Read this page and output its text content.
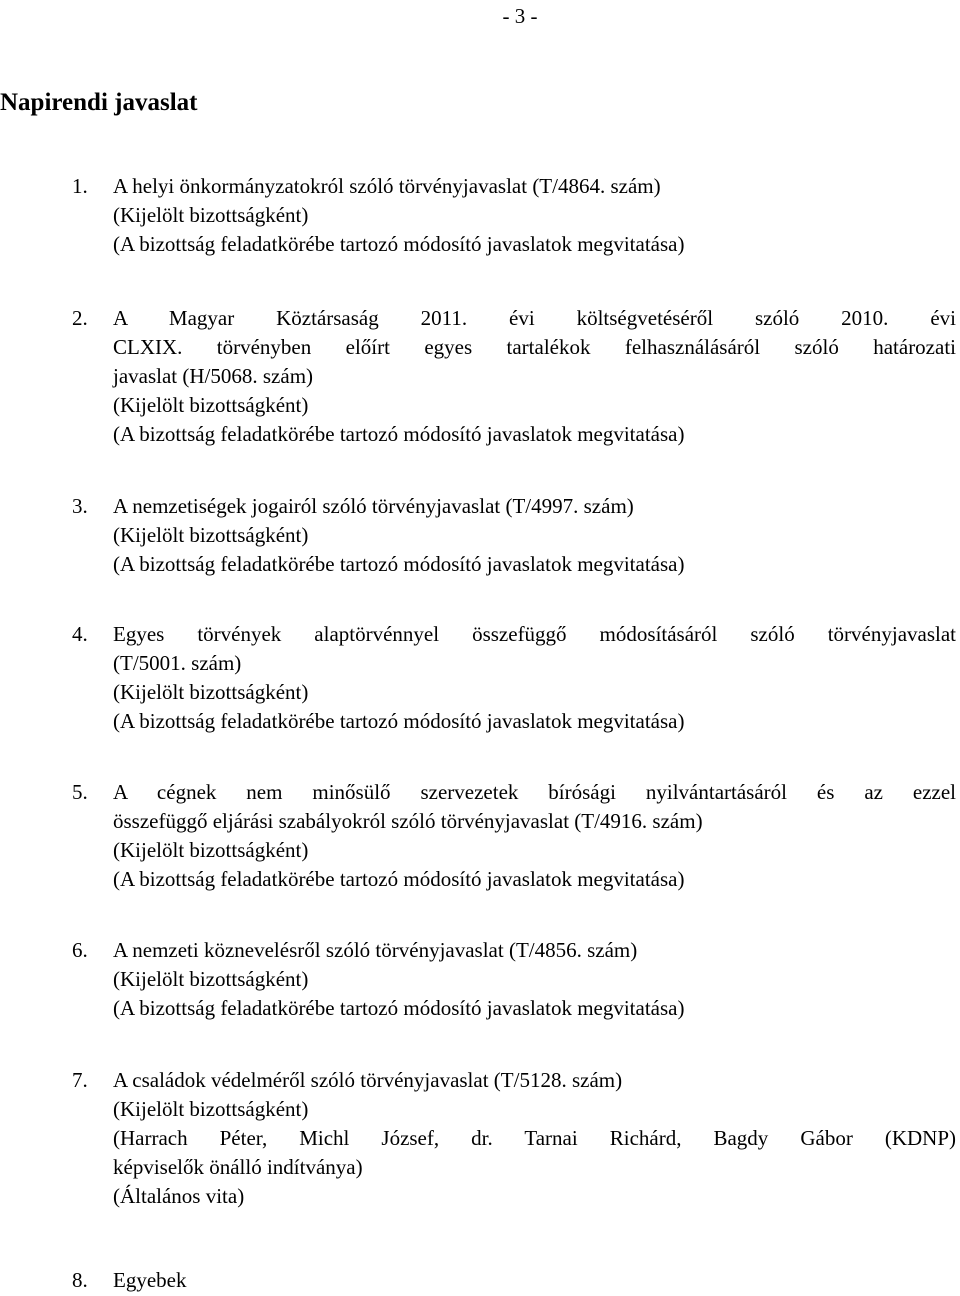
- 3 -
Napirendi javaslat
1.	A helyi önkormányzatokról szóló törvényjavaslat (T/4864. szám)
(Kijelölt bizottságként)
(A bizottság feladatkörébe tartozó módosító javaslatok megvitatása)
2.	A Magyar Köztársaság 2011. évi költségvetéséről szóló 2010. évi
CLXIX. törvényben előírt egyes tartalékok felhasználásáról szóló határozati
javaslat (H/5068. szám)
(Kijelölt bizottságként)
(A bizottság feladatkörébe tartozó módosító javaslatok megvitatása)
3.	A nemzetiségek jogairól szóló törvényjavaslat (T/4997. szám)
(Kijelölt bizottságként)
(A bizottság feladatkörébe tartozó módosító javaslatok megvitatása)
4.	Egyes törvények alaptörvénnyel összefüggő módosításáról szóló törvényjavaslat
(T/5001. szám)
(Kijelölt bizottságként)
(A bizottság feladatkörébe tartozó módosító javaslatok megvitatása)
5.	A cégnek nem minősülő szervezetek bírósági nyilvántartásáról és az ezzel
összefüggő eljárási szabályokról szóló törvényjavaslat (T/4916. szám)
(Kijelölt bizottságként)
(A bizottság feladatkörébe tartozó módosító javaslatok megvitatása)
6.	A nemzeti köznevelésről szóló törvényjavaslat (T/4856. szám)
(Kijelölt bizottságként)
(A bizottság feladatkörébe tartozó módosító javaslatok megvitatása)
7.	A családok védelméről szóló törvényjavaslat (T/5128. szám)
(Kijelölt bizottságként)
(Harrach Péter, Michl József, dr. Tarnai Richárd, Bagdy Gábor (KDNP)
képviselők önálló indítványa)
(Általános vita)
8.	Egyebek
